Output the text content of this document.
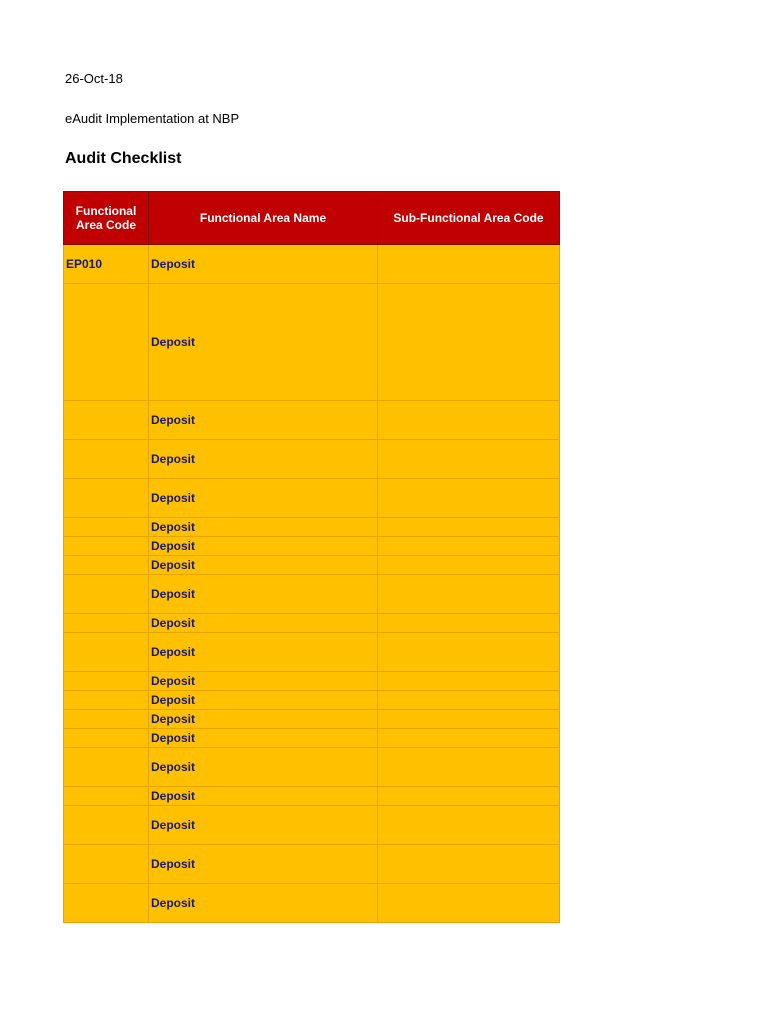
26-Oct-18
eAudit Implementation at NBP
Audit Checklist
Functional Area Code	Functional Area Name	Sub-Functional Area Code
EP010	Deposit	
	Deposit	
	Deposit	
	Deposit	
	Deposit	
	Deposit	
	Deposit	
	Deposit	
	Deposit	
	Deposit	
	Deposit	
	Deposit	
	Deposit	
	Deposit	
	Deposit	
	Deposit	
	Deposit	
	Deposit	
	Deposit	
	Deposit	
